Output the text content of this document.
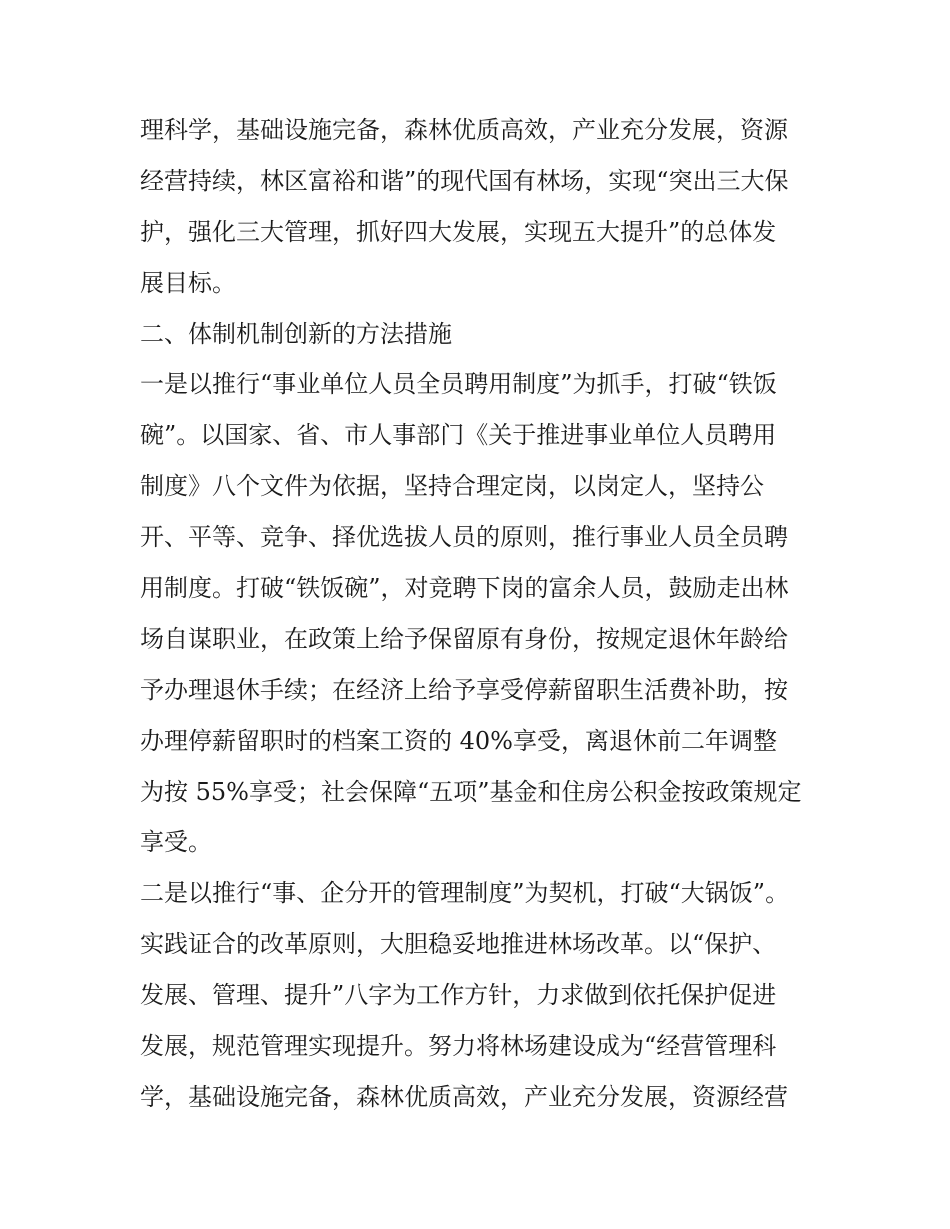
理科学，基础设施完备，森林优质高效，产业充分发展，资源
经营持续，林区富裕和谐”的现代国有林场，实现“突出三大保
护，强化三大管理，抓好四大发展，实现五大提升”的总体发
展目标。
二、体制机制创新的方法措施
一是以推行“事业单位人员全员聘用制度”为抓手，打破“铁饭
碗”。以国家、省、市人事部门《关于推进事业单位人员聘用
制度》八个文件为依据，坚持合理定岗，以岗定人，坚持公
开、平等、竞争、择优选拔人员的原则，推行事业人员全员聘
用制度。打破“铁饭碗”，对竞聘下岗的富余人员，鼓励走出林
场自谋职业，在政策上给予保留原有身份，按规定退休年龄给
予办理退休手续；在经济上给予享受停薪留职生活费补助，按
办理停薪留职时的档案工资的 40%享受，离退休前二年调整
为按 55%享受；社会保障“五项”基金和住房公积金按政策规定
享受。
二是以推行“事、企分开的管理制度”为契机，打破“大锅饭”。
实践证合的改革原则，大胆稳妥地推进林场改革。以“保护、
发展、管理、提升”八字为工作方针，力求做到依托保护促进
发展，规范管理实现提升。努力将林场建设成为“经营管理科
学，基础设施完备，森林优质高效，产业充分发展，资源经营
